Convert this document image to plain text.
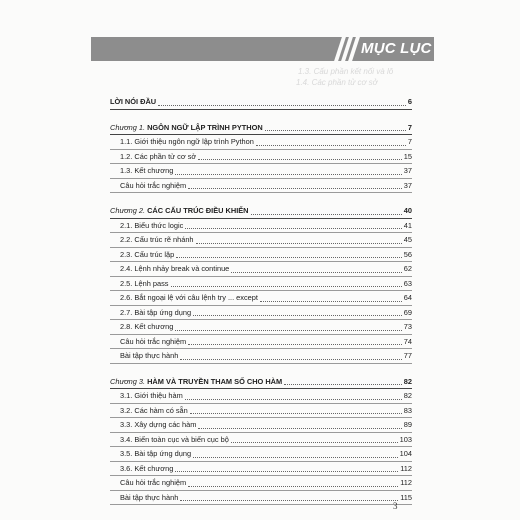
MỤC LỤC
1.3. Cấu phần kết nối và lô
1.4. Các phần tử cơ sở
LỜI NÓI ĐẦU	6
Chương 1. NGÔN NGỮ LẬP TRÌNH PYTHON	7
1.1. Giới thiệu ngôn ngữ lập trình Python	7
1.2. Các phần tử cơ sở	15
1.3. Kết chương	37
Câu hỏi trắc nghiệm	37
Chương 2. CÁC CẤU TRÚC ĐIỀU KHIỂN	40
2.1. Biểu thức logic	41
2.2. Cấu trúc rẽ nhánh	45
2.3. Cấu trúc lặp	56
2.4. Lệnh nhảy break và continue	62
2.5. Lệnh pass	63
2.6. Bắt ngoại lệ với câu lệnh try ... except	64
2.7. Bài tập ứng dụng	69
2.8. Kết chương	73
Câu hỏi trắc nghiệm	74
Bài tập thực hành	77
Chương 3. HÀM VÀ TRUYỀN THAM SỐ CHO HÀM	82
3.1. Giới thiệu hàm	82
3.2. Các hàm có sẵn	83
3.3. Xây dựng các hàm	89
3.4. Biến toàn cục và biến cục bộ	103
3.5. Bài tập ứng dụng	104
3.6. Kết chương	112
Câu hỏi trắc nghiệm	112
Bài tập thực hành	115
3
